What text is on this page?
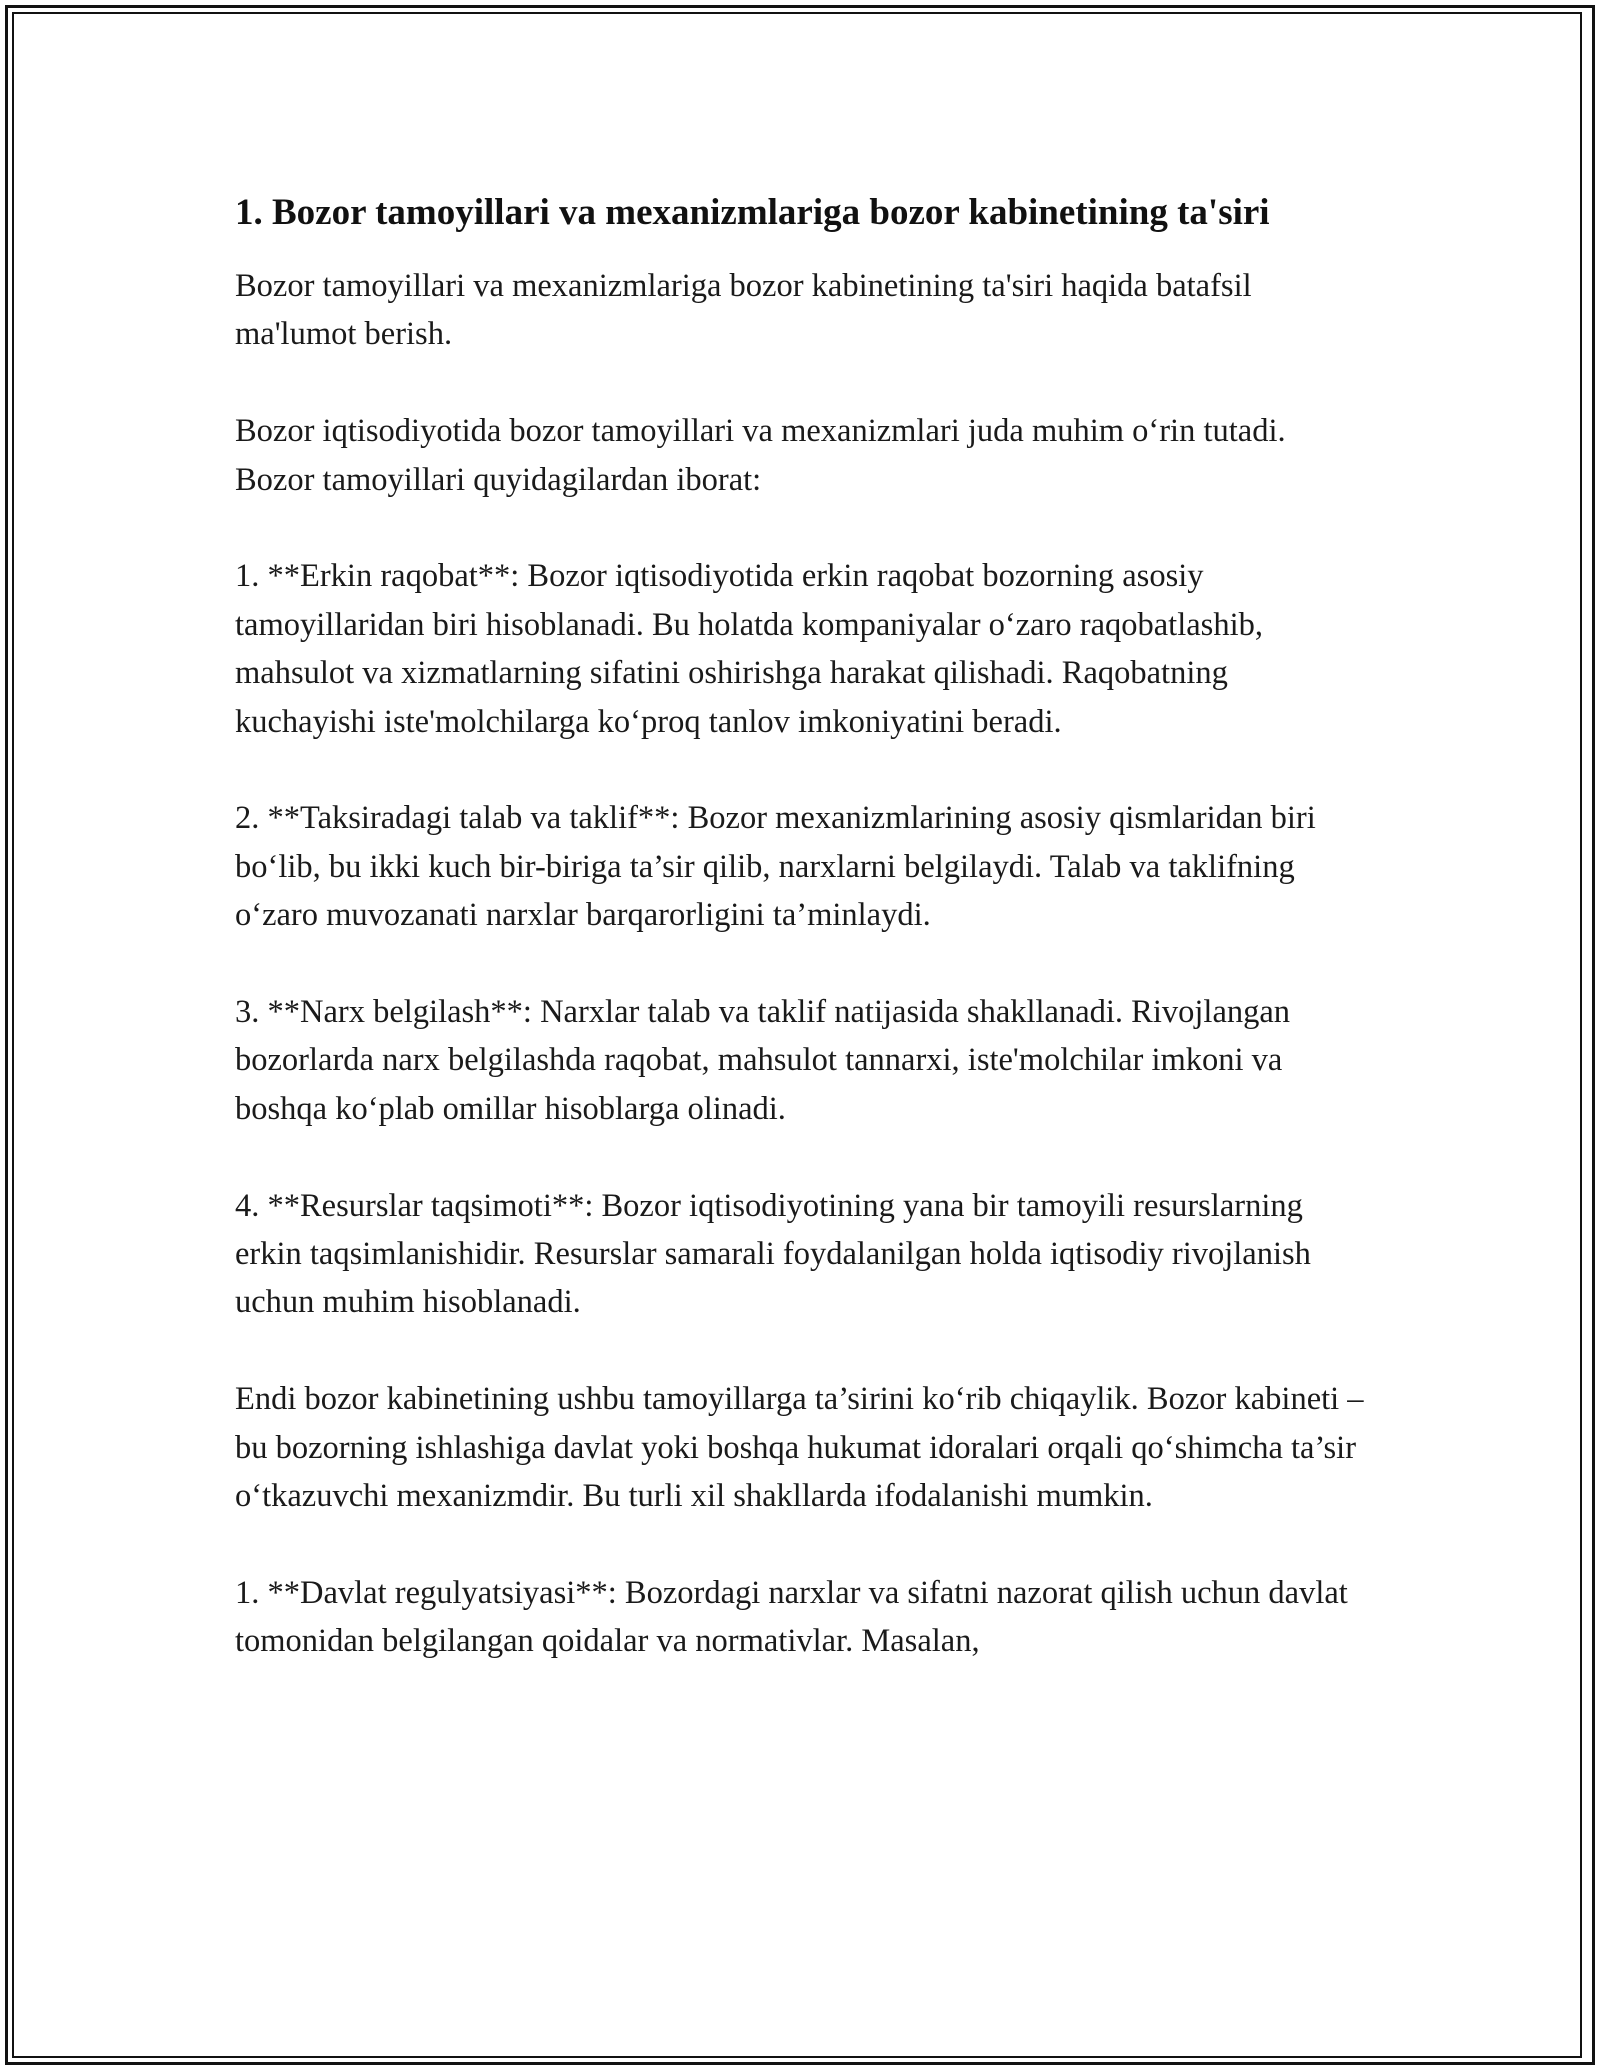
1. Bozor tamoyillari va mexanizmlariga bozor kabinetining ta'siri

Bozor tamoyillari va mexanizmlariga bozor kabinetining ta'siri haqida batafsil ma'lumot berish.

Bozor iqtisodiyotida bozor tamoyillari va mexanizmlari juda muhim o‘rin tutadi. Bozor tamoyillari quyidagilardan iborat:

1. **Erkin raqobat**: Bozor iqtisodiyotida erkin raqobat bozorning asosiy tamoyillaridan biri hisoblanadi. Bu holatda kompaniyalar o‘zaro raqobatlashib, mahsulot va xizmatlarning sifatini oshirishga harakat qilishadi. Raqobatning kuchayishi iste'molchilarga ko‘proq tanlov imkoniyatini beradi.

2. **Taksiradagi talab va taklif**: Bozor mexanizmlarining asosiy qismlaridan biri bo‘lib, bu ikki kuch bir-biriga ta’sir qilib, narxlarni belgilaydi. Talab va taklifning o‘zaro muvozanati narxlar barqarorligini ta’minlaydi.

3. **Narx belgilash**: Narxlar talab va taklif natijasida shakllanadi. Rivojlangan bozorlarda narx belgilashda raqobat, mahsulot tannarxi, iste'molchilar imkoni va boshqa ko‘plab omillar hisoblarga olinadi.

4. **Resurslar taqsimoti**: Bozor iqtisodiyotining yana bir tamoyili resurslarning erkin taqsimlanishidir. Resurslar samarali foydalanilgan holda iqtisodiy rivojlanish uchun muhim hisoblanadi.

Endi bozor kabinetining ushbu tamoyillarga ta’sirini ko‘rib chiqaylik. Bozor kabineti – bu bozorning ishlashiga davlat yoki boshqa hukumat idoralari orqali qo‘shimcha ta’sir o‘tkazuvchi mexanizmdir. Bu turli xil shakllarda ifodalanishi mumkin.

1. **Davlat regulyatsiyasi**: Bozordagi narxlar va sifatni nazorat qilish uchun davlat tomonidan belgilangan qoidalar va normativlar. Masalan,
